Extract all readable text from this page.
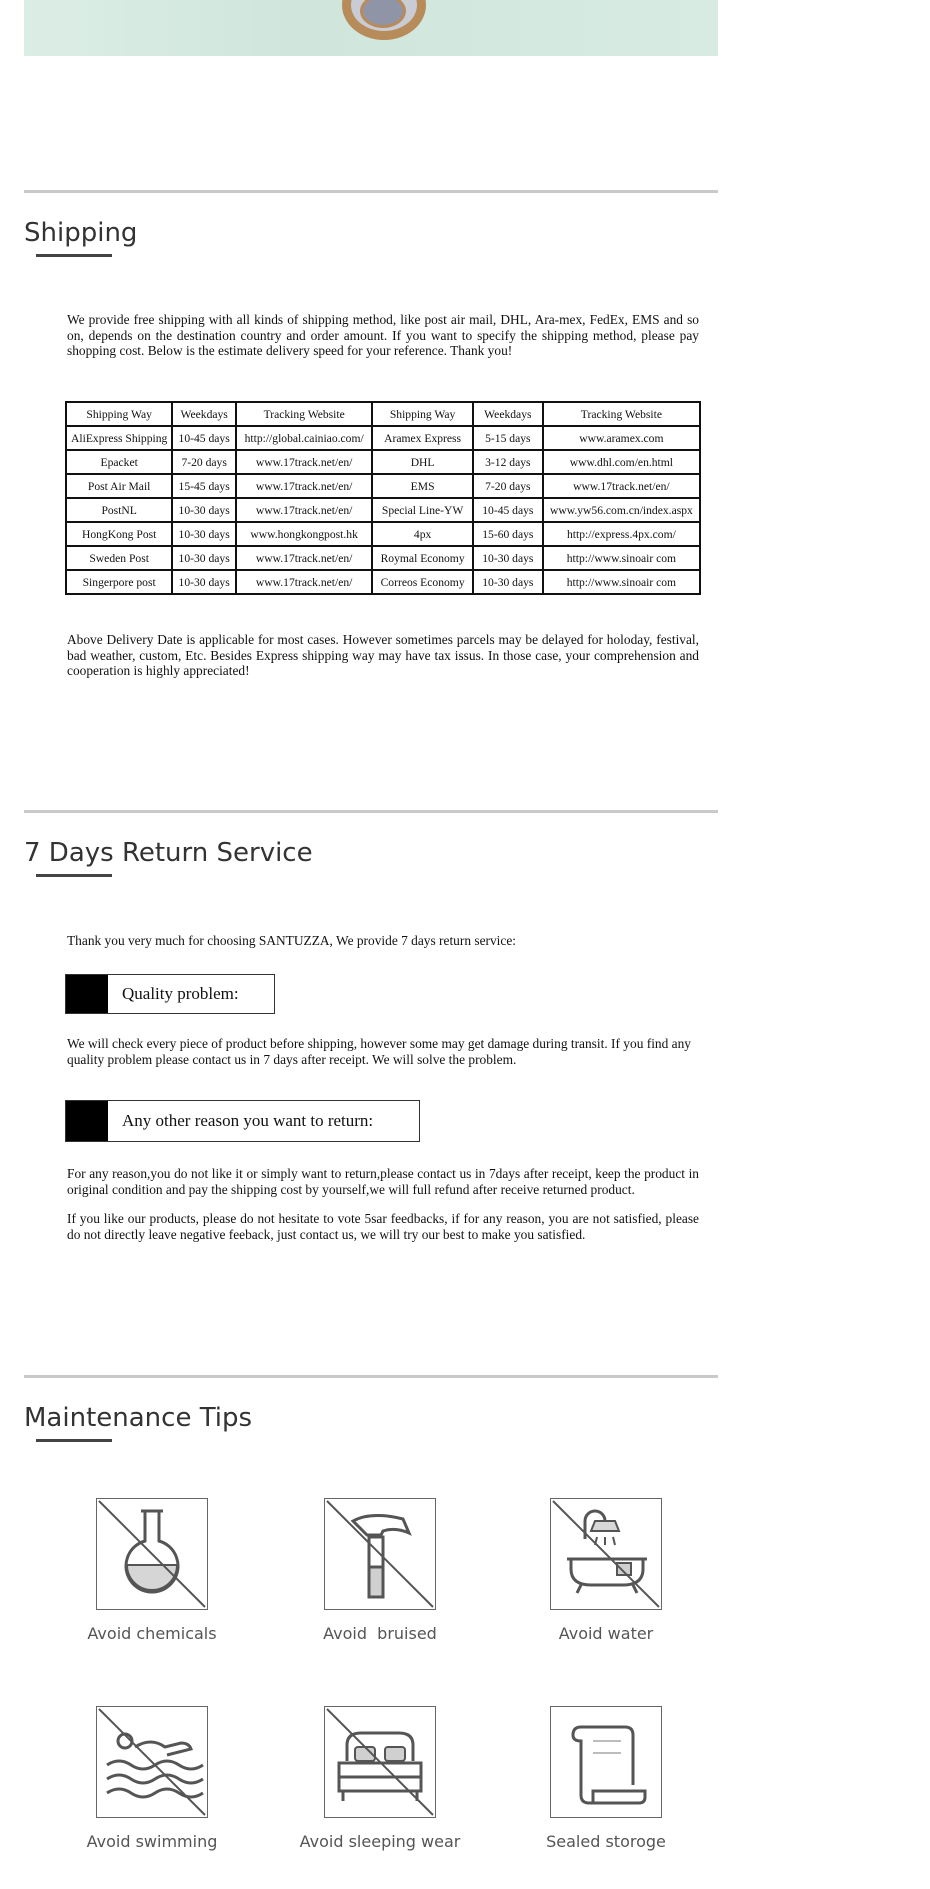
Shipping
We provide free shipping with all kinds of shipping method, like post air mail, DHL, Ara-mex, FedEx, EMS and so on, depends on the destination country and order amount. If you want to specify the shipping method, please pay shopping cost. Below is the estimate delivery speed for your reference. Thank you!
Shipping Way	Weekdays	Tracking Website	Shipping Way	Weekdays	Tracking Website
AliExpress Shipping	10-45 days	http://global.cainiao.com/	Aramex Express	5-15 days	www.aramex.com
Epacket	7-20 days	www.17track.net/en/	DHL	3-12 days	www.dhl.com/en.html
Post Air Mail	15-45 days	www.17track.net/en/	EMS	7-20 days	www.17track.net/en/
PostNL	10-30 days	www.17track.net/en/	Special Line-YW	10-45 days	www.yw56.com.cn/index.aspx
HongKong Post	10-30 days	www.hongkongpost.hk	4px	15-60 days	http://express.4px.com/
Sweden Post	10-30 days	www.17track.net/en/	Roymal Economy	10-30 days	http://www.sinoair com
Singerpore post	10-30 days	www.17track.net/en/	Correos Economy	10-30 days	http://www.sinoair com
Above Delivery Date is applicable for most cases. However sometimes parcels may be delayed for holoday, festival, bad weather, custom, Etc. Besides Express shipping way may have tax issus. In those case, your comprehension and cooperation is highly appreciated!
7 Days Return Service
Thank you very much for choosing SANTUZZA, We provide 7 days return service:
Quality problem:
We will check every piece of product before shipping, however some may get damage during transit. If you find any quality problem please contact us in 7 days after receipt. We will solve the problem.
Any other reason you want to return:
For any reason,you do not like it or simply want to return,please contact us in 7days after receipt, keep the product in original condition and pay the shipping cost by yourself,we will full refund after receive returned product.
If you like our products, please do not hesitate to vote 5sar feedbacks, if for any reason, you are not satisfied, please do not directly leave negative feeback, just contact us, we will try our best to make you satisfied.
Maintenance Tips
Avoid chemicals	Avoid  bruised	Avoid water
Avoid swimming	Avoid sleeping wear	Sealed storoge
